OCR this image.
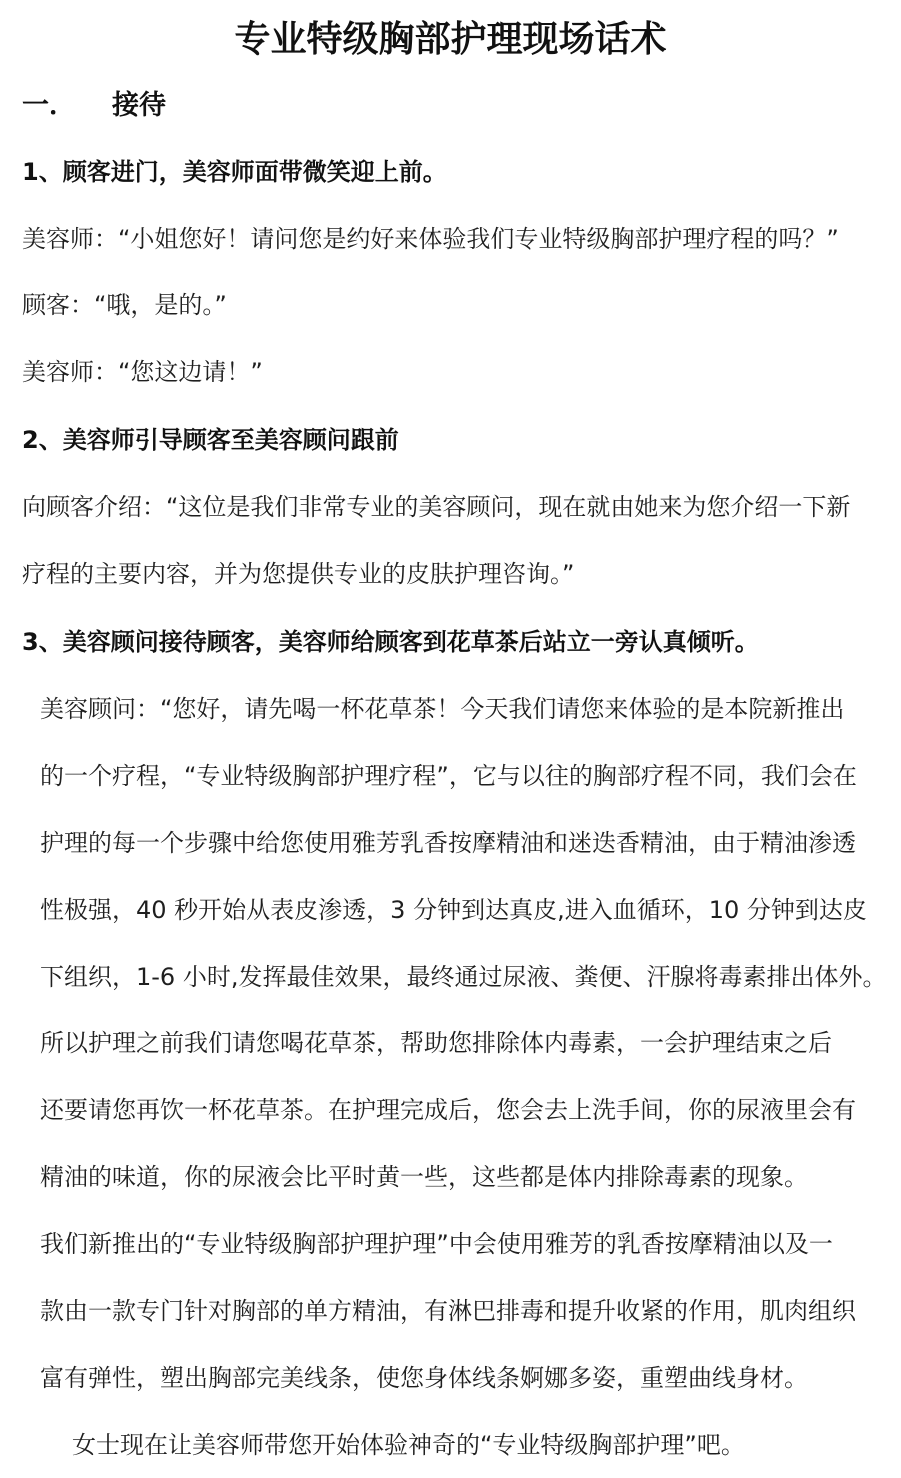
专业特级胸部护理现场话术
一． 接待
1、顾客进门，美容师面带微笑迎上前。
美容师：“小姐您好！请问您是约好来体验我们专业特级胸部护理疗程的吗？”
顾客：“哦，是的。”
美容师：“您这边请！”
2、美容师引导顾客至美容顾问跟前
向顾客介绍：“这位是我们非常专业的美容顾问，现在就由她来为您介绍一下新
疗程的主要内容，并为您提供专业的皮肤护理咨询。”
3、美容顾问接待顾客，美容师给顾客到花草茶后站立一旁认真倾听。
美容顾问：“您好，请先喝一杯花草茶！今天我们请您来体验的是本院新推出
的一个疗程，“专业特级胸部护理疗程”，它与以往的胸部疗程不同，我们会在
护理的每一个步骤中给您使用雅芳乳香按摩精油和迷迭香精油，由于精油渗透
性极强，40 秒开始从表皮渗透，3 分钟到达真皮,进入血循环，10 分钟到达皮
下组织，1-6 小时,发挥最佳效果，最终通过尿液、粪便、汗腺将毒素排出体外。
所以护理之前我们请您喝花草茶，帮助您排除体内毒素，一会护理结束之后
还要请您再饮一杯花草茶。在护理完成后，您会去上洗手间，你的尿液里会有
精油的味道，你的尿液会比平时黄一些，这些都是体内排除毒素的现象。
我们新推出的“专业特级胸部护理护理”中会使用雅芳的乳香按摩精油以及一
款由一款专门针对胸部的单方精油，有淋巴排毒和提升收紧的作用，肌肉组织
富有弹性，塑出胸部完美线条，使您身体线条婀娜多姿，重塑曲线身材。
女士现在让美容师带您开始体验神奇的“专业特级胸部护理”吧。
